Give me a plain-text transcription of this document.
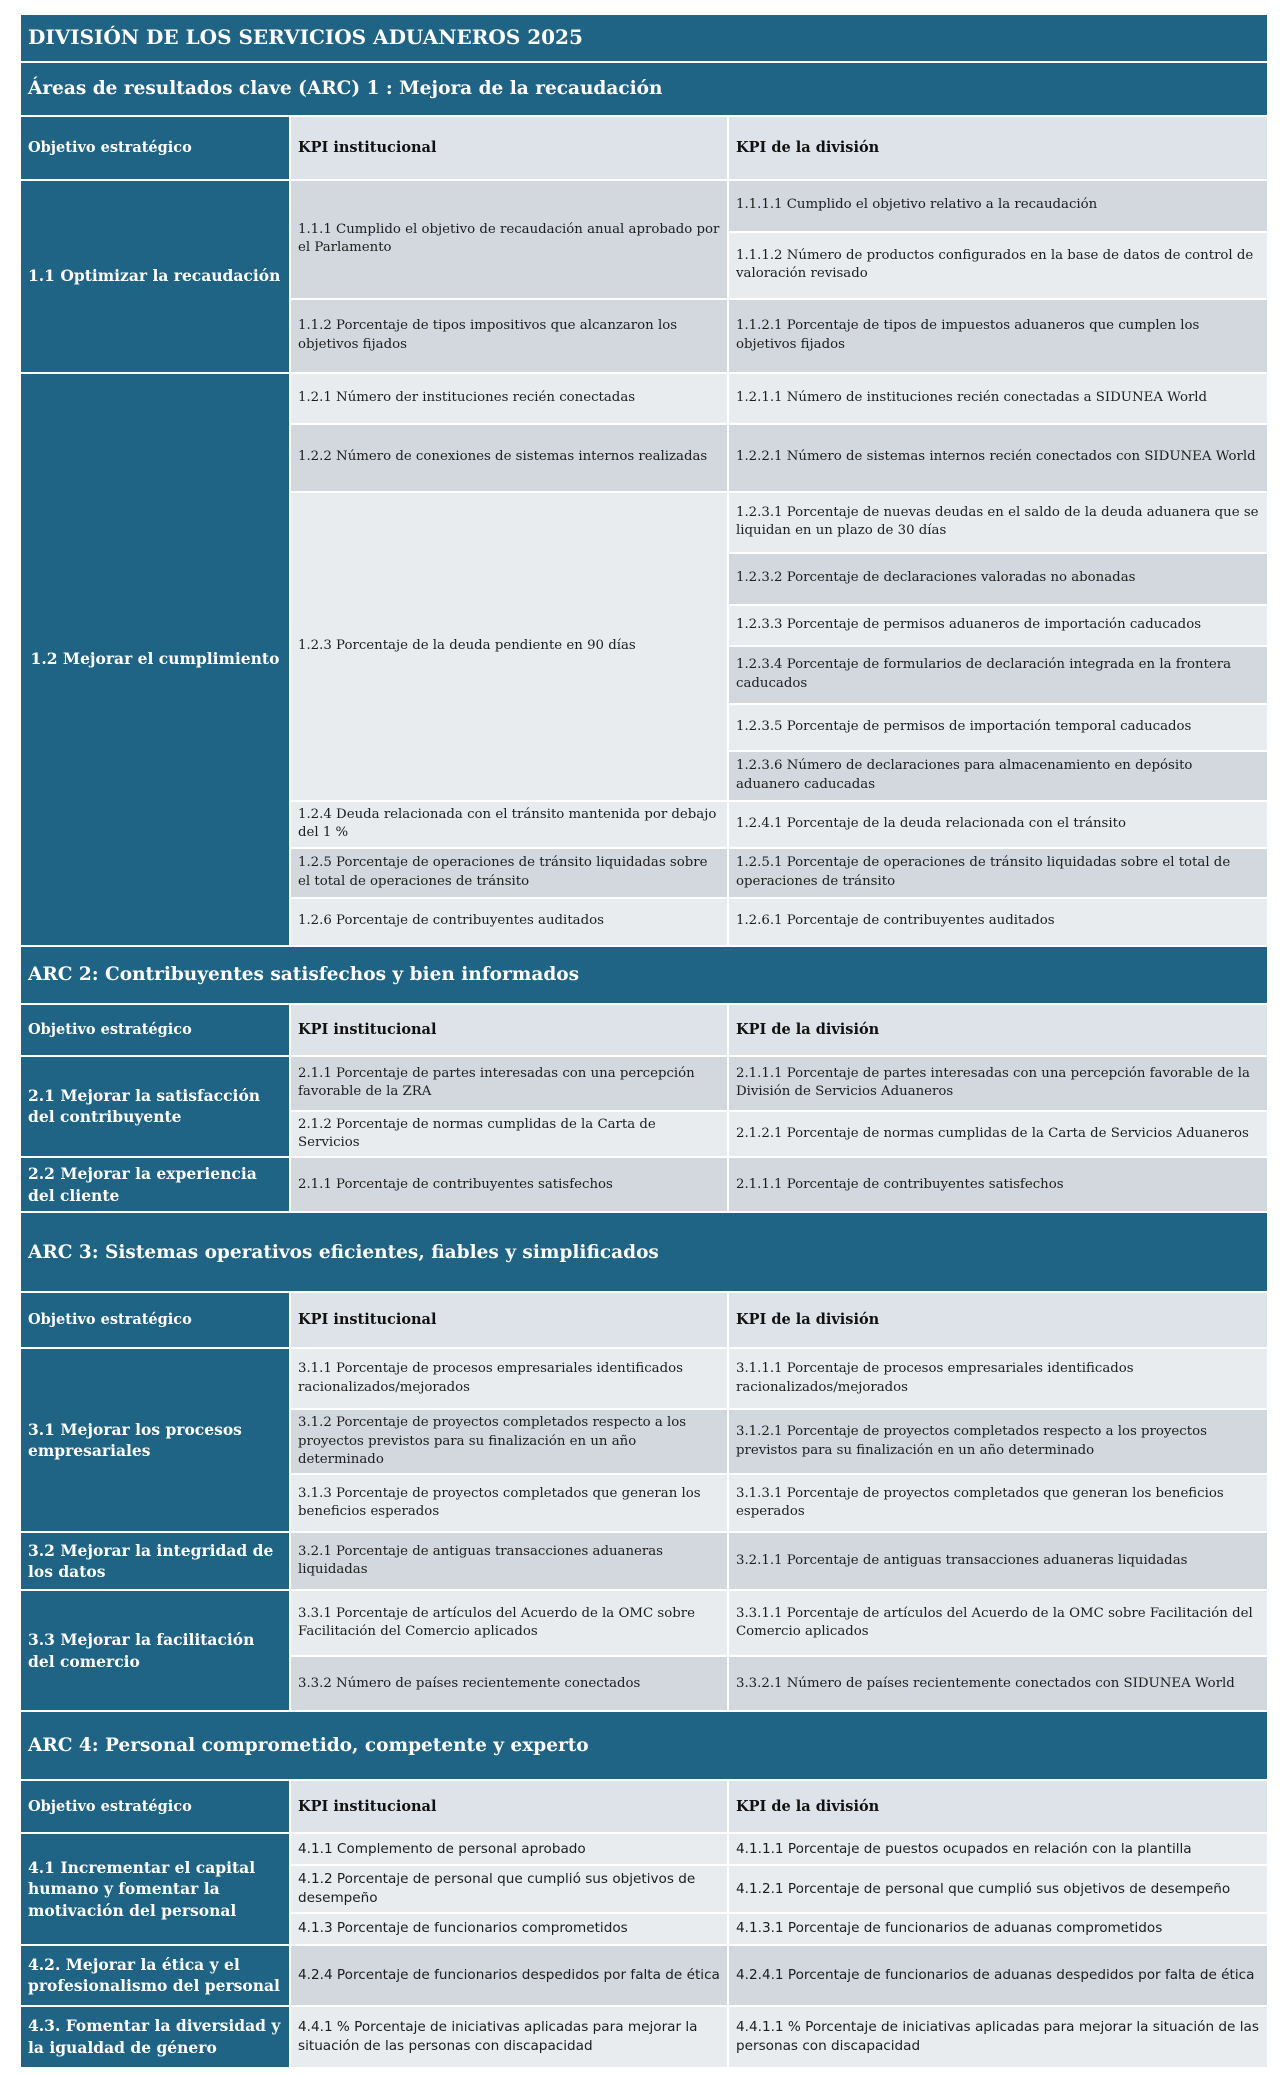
DIVISIÓN DE LOS SERVICIOS ADUANEROS 2025		
Áreas de resultados clave (ARC) 1 : Mejora de la recaudación		
Objetivo estratégico	KPI institucional	KPI de la división
1.1 Optimizar la recaudación	1.1.1 Cumplido el objetivo de recaudación anual aprobado por el Parlamento	1.1.1.1 Cumplido el objetivo relativo a la recaudación
		1.1.1.2 Número de productos configurados en la base de datos de control de valoración revisado
	1.1.2 Porcentaje de tipos impositivos que alcanzaron los objetivos fijados	1.1.2.1 Porcentaje de tipos de impuestos aduaneros que cumplen los objetivos fijados
1.2 Mejorar el cumplimiento	1.2.1 Número der instituciones recién conectadas	1.2.1.1 Número de instituciones recién conectadas a SIDUNEA World
	1.2.2 Número de conexiones de sistemas internos realizadas	1.2.2.1 Número de sistemas internos recién conectados con SIDUNEA World
	1.2.3 Porcentaje de la deuda pendiente en 90 días	1.2.3.1 Porcentaje de nuevas deudas en el saldo de la deuda aduanera que se liquidan en un plazo de 30 días
		1.2.3.2 Porcentaje de declaraciones valoradas no abonadas
		1.2.3.3 Porcentaje de permisos aduaneros de importación caducados
		1.2.3.4 Porcentaje de formularios de declaración integrada en la frontera caducados
		1.2.3.5 Porcentaje de permisos de importación temporal caducados
		1.2.3.6 Número de declaraciones para almacenamiento en depósito aduanero caducadas
	1.2.4 Deuda relacionada con el tránsito mantenida por debajo del 1 %	1.2.4.1 Porcentaje de la deuda relacionada con el tránsito
	1.2.5 Porcentaje de operaciones de tránsito liquidadas sobre el total de operaciones de tránsito	1.2.5.1 Porcentaje de operaciones de tránsito liquidadas sobre el total de operaciones de tránsito
	1.2.6 Porcentaje de contribuyentes auditados	1.2.6.1 Porcentaje de contribuyentes auditados
ARC 2: Contribuyentes satisfechos y bien informados		
Objetivo estratégico	KPI institucional	KPI de la división
2.1 Mejorar la satisfacción del contribuyente	2.1.1 Porcentaje de partes interesadas con una percepción favorable de la ZRA	2.1.1.1 Porcentaje de partes interesadas con una percepción favorable de la División de Servicios Aduaneros
	2.1.2 Porcentaje de normas cumplidas de la Carta de Servicios	2.1.2.1 Porcentaje de normas cumplidas de la Carta de Servicios Aduaneros
2.2 Mejorar la experiencia del cliente	2.1.1 Porcentaje de contribuyentes satisfechos	2.1.1.1 Porcentaje de contribuyentes satisfechos
ARC 3: Sistemas operativos eficientes, fiables y simplificados		
Objetivo estratégico	KPI institucional	KPI de la división
3.1 Mejorar los procesos empresariales	3.1.1 Porcentaje de procesos empresariales identificados racionalizados/mejorados	3.1.1.1 Porcentaje de procesos empresariales identificados racionalizados/mejorados
	3.1.2 Porcentaje de proyectos completados respecto a los proyectos previstos para su finalización en un año determinado	3.1.2.1 Porcentaje de proyectos completados respecto a los proyectos previstos para su finalización en un año determinado
	3.1.3 Porcentaje de proyectos completados que generan los beneficios esperados	3.1.3.1 Porcentaje de proyectos completados que generan los beneficios esperados
3.2 Mejorar la integridad de los datos	3.2.1 Porcentaje de antiguas transacciones aduaneras liquidadas	3.2.1.1 Porcentaje de antiguas transacciones aduaneras liquidadas
3.3 Mejorar la facilitación del comercio	3.3.1 Porcentaje de artículos del Acuerdo de la OMC sobre Facilitación del Comercio aplicados	3.3.1.1 Porcentaje de artículos del Acuerdo de la OMC sobre Facilitación del Comercio aplicados
	3.3.2 Número de países recientemente conectados	3.3.2.1 Número de países recientemente conectados con SIDUNEA World
ARC 4: Personal comprometido, competente y experto		
Objetivo estratégico	KPI institucional	KPI de la división
4.1 Incrementar el capital humano y fomentar la motivación del personal	4.1.1 Complemento de personal aprobado	4.1.1.1 Porcentaje de puestos ocupados en relación con la plantilla
	4.1.2 Porcentaje de personal que cumplió sus objetivos de desempeño	4.1.2.1 Porcentaje de personal que cumplió sus objetivos de desempeño
	4.1.3 Porcentaje de funcionarios comprometidos	4.1.3.1 Porcentaje de funcionarios de aduanas comprometidos
4.2. Mejorar la ética y el profesionalismo del personal	4.2.4 Porcentaje de funcionarios despedidos por falta de ética	4.2.4.1 Porcentaje de funcionarios de aduanas despedidos por falta de ética
4.3. Fomentar la diversidad y la igualdad de género	4.4.1 % Porcentaje de iniciativas aplicadas para mejorar la situación de las personas con discapacidad	4.4.1.1 % Porcentaje de iniciativas aplicadas para mejorar la situación de las personas con discapacidad
